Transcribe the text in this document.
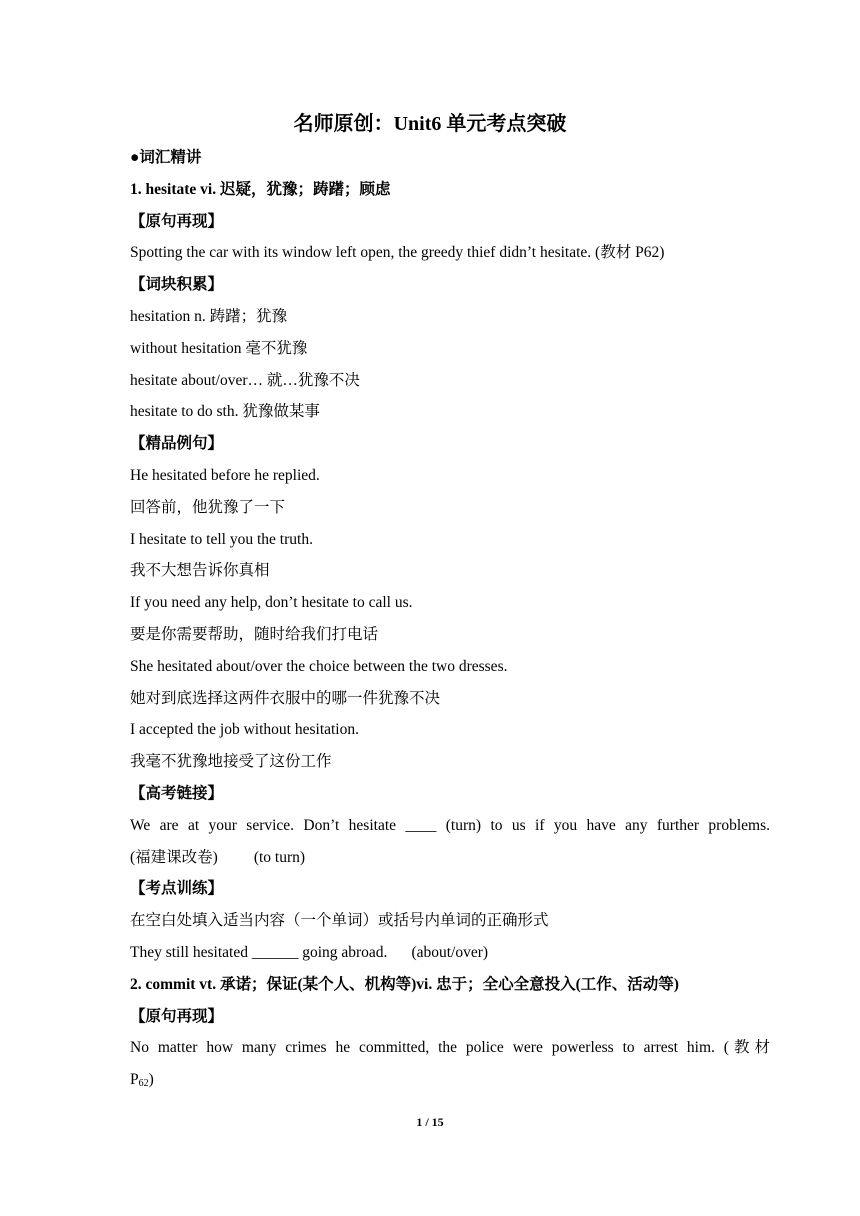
名师原创：Unit6 单元考点突破
●词汇精讲
1. hesitate vi. 迟疑，犹豫；踌躇；顾虑
【原句再现】
Spotting the car with its window left open, the greedy thief didn’t hesitate. (教材 P62)
【词块积累】
hesitation n. 踌躇；犹豫
without hesitation 毫不犹豫
hesitate about/over… 就…犹豫不决
hesitate to do sth. 犹豫做某事
【精品例句】
He hesitated before he replied.
回答前，他犹豫了一下
I hesitate to tell you the truth.
我不大想告诉你真相
If you need any help, don’t hesitate to call us.
要是你需要帮助，随时给我们打电话
She hesitated about/over the choice between the two dresses.
她对到底选择这两件衣服中的哪一件犹豫不决
I accepted the job without hesitation.
我毫不犹豫地接受了这份工作
【高考链接】
We are at your service. Don’t hesitate ____ (turn) to us if you have any further problems.
(福建课改卷) (to turn)
【考点训练】
在空白处填入适当内容（一个单词）或括号内单词的正确形式
They still hesitated ______ going abroad. (about/over)
2. commit vt. 承诺；保证(某个人、机构等)vi. 忠于；全心全意投入(工作、活动等)
【原句再现】
No matter how many crimes he committed, the police were powerless to arrest him. (教材
$P_{62}$)
1 / 15
